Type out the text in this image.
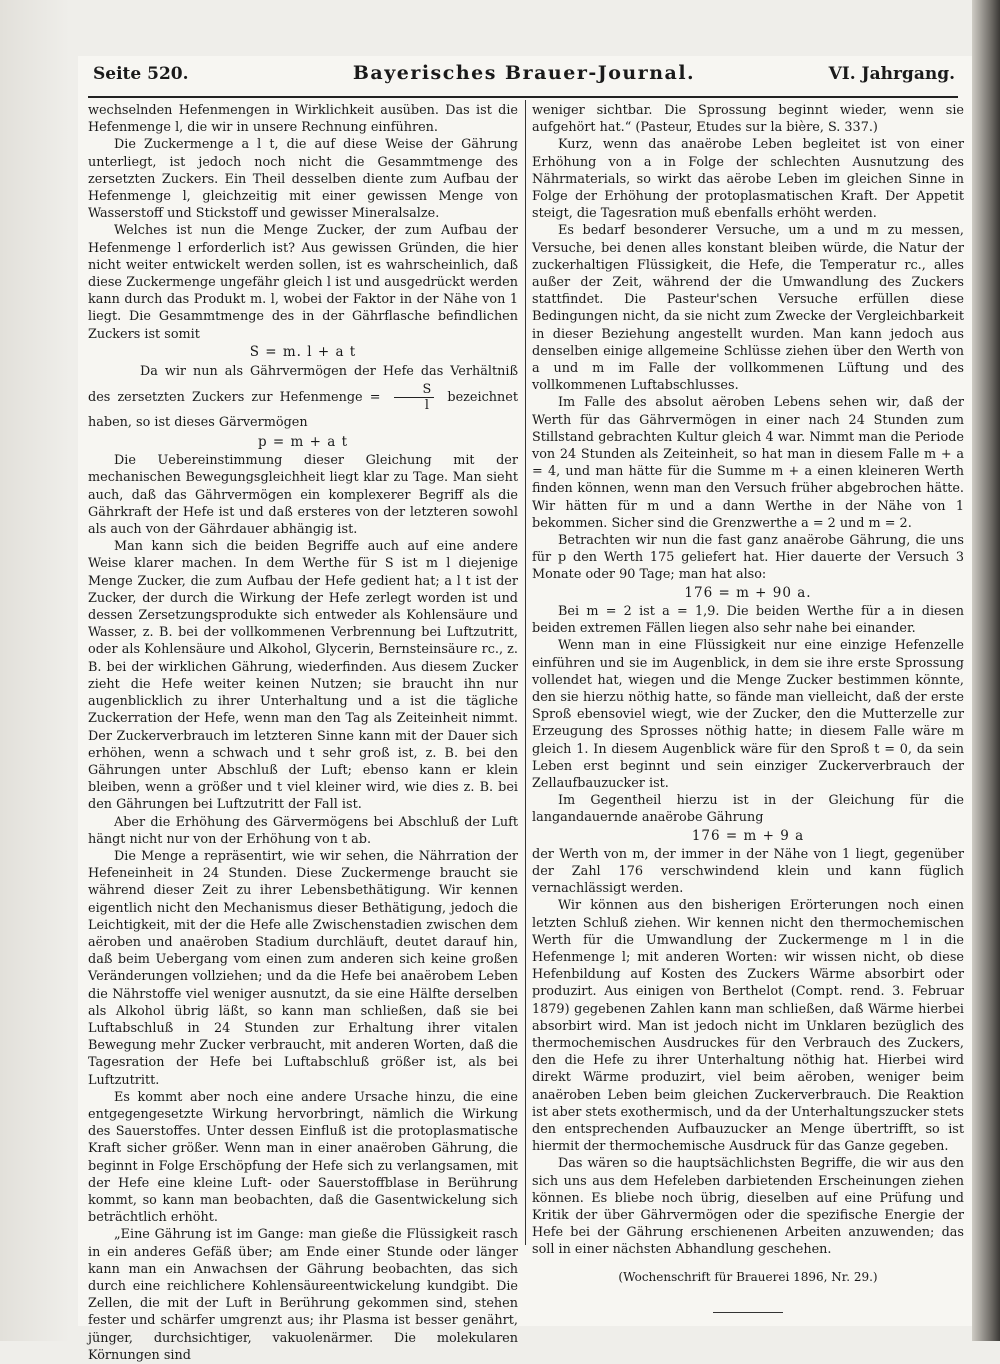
Seite 520.	Bayerisches Brauer-Journal.	VI. Jahrgang.

wechselnden Hefenmengen in Wirklichkeit ausüben. Das ist die Hefenmenge l, die wir in unsere Rechnung einführen.

Die Zuckermenge a l t, die auf diese Weise der Gährung unterliegt, ist jedoch noch nicht die Gesammtmenge des zersetzten Zuckers. Ein Theil desselben diente zum Aufbau der Hefenmenge l, gleichzeitig mit einer gewissen Menge von Wasserstoff und Stickstoff und gewisser Mineralsalze.

Welches ist nun die Menge Zucker, der zum Aufbau der Hefenmenge l erforderlich ist? Aus gewissen Gründen, die hier nicht weiter entwickelt werden sollen, ist es wahrscheinlich, daß diese Zuckermenge ungefähr gleich l ist und ausgedrückt werden kann durch das Produkt m. l, wobei der Faktor in der Nähe von 1 liegt. Die Gesammtmenge des in der Gährflasche befindlichen Zuckers ist somit

S = m. l + a t

Da wir nun als Gährvermögen der Hefe das Verhältniß des zersetzten Zuckers zur Hefenmenge = $\frac{S}{l}$ bezeichnet haben, so ist dieses Gärvermögen

p = m + a t

Die Uebereinstimmung dieser Gleichung mit der mechanischen Bewegungsgleichheit liegt klar zu Tage. Man sieht auch, daß das Gährvermögen ein komplexerer Begriff als die Gährkraft der Hefe ist und daß ersteres von der letzteren sowohl als auch von der Gährdauer abhängig ist.

Man kann sich die beiden Begriffe auch auf eine andere Weise klarer machen. In dem Werthe für S ist m l diejenige Menge Zucker, die zum Aufbau der Hefe gedient hat; a l t ist der Zucker, der durch die Wirkung der Hefe zerlegt worden ist und dessen Zersetzungsprodukte sich entweder als Kohlensäure und Wasser, z. B. bei der vollkommenen Verbrennung bei Luftzutritt, oder als Kohlensäure und Alkohol, Glycerin, Bernsteinsäure rc., z. B. bei der wirklichen Gährung, wiederfinden. Aus diesem Zucker zieht die Hefe weiter keinen Nutzen; sie braucht ihn nur augenblicklich zu ihrer Unterhaltung und a ist die tägliche Zuckerration der Hefe, wenn man den Tag als Zeiteinheit nimmt. Der Zuckerverbrauch im letzteren Sinne kann mit der Dauer sich erhöhen, wenn a schwach und t sehr groß ist, z. B. bei den Gährungen unter Abschluß der Luft; ebenso kann er klein bleiben, wenn a größer und t viel kleiner wird, wie dies z. B. bei den Gährungen bei Luftzutritt der Fall ist.

Aber die Erhöhung des Gärvermögens bei Abschluß der Luft hängt nicht nur von der Erhöhung von t ab.

Die Menge a repräsentirt, wie wir sehen, die Nährration der Hefeneinheit in 24 Stunden. Diese Zuckermenge braucht sie während dieser Zeit zu ihrer Lebensbethätigung. Wir kennen eigentlich nicht den Mechanismus dieser Bethätigung, jedoch die Leichtigkeit, mit der die Hefe alle Zwischenstadien zwischen dem aëroben und anaëroben Stadium durchläuft, deutet darauf hin, daß beim Uebergang vom einen zum anderen sich keine großen Veränderungen vollziehen; und da die Hefe bei anaërobem Leben die Nährstoffe viel weniger ausnutzt, da sie eine Hälfte derselben als Alkohol übrig läßt, so kann man schließen, daß sie bei Luftabschluß in 24 Stunden zur Erhaltung ihrer vitalen Bewegung mehr Zucker verbraucht, mit anderen Worten, daß die Tagesration der Hefe bei Luftabschluß größer ist, als bei Luftzutritt.

Es kommt aber noch eine andere Ursache hinzu, die eine entgegengesetzte Wirkung hervorbringt, nämlich die Wirkung des Sauerstoffes. Unter dessen Einfluß ist die protoplasmatische Kraft sicher größer. Wenn man in einer anaëroben Gährung, die beginnt in Folge Erschöpfung der Hefe sich zu verlangsamen, mit der Hefe eine kleine Luft- oder Sauerstoffblase in Berührung kommt, so kann man beobachten, daß die Gasentwickelung sich beträchtlich erhöht.

„Eine Gährung ist im Gange: man gieße die Flüssigkeit rasch in ein anderes Gefäß über; am Ende einer Stunde oder länger kann man ein Anwachsen der Gährung beobachten, das sich durch eine reichlichere Kohlensäureentwickelung kundgibt. Die Zellen, die mit der Luft in Berührung gekommen sind, stehen fester und schärfer umgrenzt aus; ihr Plasma ist besser genährt, jünger, durchsichtiger, vakuolenärmer. Die molekularen Körnungen sind

weniger sichtbar. Die Sprossung beginnt wieder, wenn sie aufgehört hat.“ (Pasteur, Etudes sur la bière, S. 337.)

Kurz, wenn das anaërobe Leben begleitet ist von einer Erhöhung von a in Folge der schlechten Ausnutzung des Nährmaterials, so wirkt das aërobe Leben im gleichen Sinne in Folge der Erhöhung der protoplasmatischen Kraft. Der Appetit steigt, die Tagesration muß ebenfalls erhöht werden.

Es bedarf besonderer Versuche, um a und m zu messen, Versuche, bei denen alles konstant bleiben würde, die Natur der zuckerhaltigen Flüssigkeit, die Hefe, die Temperatur rc., alles außer der Zeit, während der die Umwandlung des Zuckers stattfindet. Die Pasteur'schen Versuche erfüllen diese Bedingungen nicht, da sie nicht zum Zwecke der Vergleichbarkeit in dieser Beziehung angestellt wurden. Man kann jedoch aus denselben einige allgemeine Schlüsse ziehen über den Werth von a und m im Falle der vollkommenen Lüftung und des vollkommenen Luftabschlusses.

Im Falle des absolut aëroben Lebens sehen wir, daß der Werth für das Gährvermögen in einer nach 24 Stunden zum Stillstand gebrachten Kultur gleich 4 war. Nimmt man die Periode von 24 Stunden als Zeiteinheit, so hat man in diesem Falle m + a = 4, und man hätte für die Summe m + a einen kleineren Werth finden können, wenn man den Versuch früher abgebrochen hätte. Wir hätten für m und a dann Werthe in der Nähe von 1 bekommen. Sicher sind die Grenzwerthe a = 2 und m = 2.

Betrachten wir nun die fast ganz anaërobe Gährung, die uns für p den Werth 175 geliefert hat. Hier dauerte der Versuch 3 Monate oder 90 Tage; man hat also:

176 = m + 90 a.

Bei m = 2 ist a = 1,9. Die beiden Werthe für a in diesen beiden extremen Fällen liegen also sehr nahe bei einander.

Wenn man in eine Flüssigkeit nur eine einzige Hefenzelle einführen und sie im Augenblick, in dem sie ihre erste Sprossung vollendet hat, wiegen und die Menge Zucker bestimmen könnte, den sie hierzu nöthig hatte, so fände man vielleicht, daß der erste Sproß ebensoviel wiegt, wie der Zucker, den die Mutterzelle zur Erzeugung des Sprosses nöthig hatte; in diesem Falle wäre m gleich 1. In diesem Augenblick wäre für den Sproß t = 0, da sein Leben erst beginnt und sein einziger Zuckerverbrauch der Zellaufbauzucker ist.

Im Gegentheil hierzu ist in der Gleichung für die langandauernde anaërobe Gährung

176 = m + 9 a

der Werth von m, der immer in der Nähe von 1 liegt, gegenüber der Zahl 176 verschwindend klein und kann füglich vernachlässigt werden.

Wir können aus den bisherigen Erörterungen noch einen letzten Schluß ziehen. Wir kennen nicht den thermochemischen Werth für die Umwandlung der Zuckermenge m l in die Hefenmenge l; mit anderen Worten: wir wissen nicht, ob diese Hefenbildung auf Kosten des Zuckers Wärme absorbirt oder produzirt. Aus einigen von Berthelot (Compt. rend. 3. Februar 1879) gegebenen Zahlen kann man schließen, daß Wärme hierbei absorbirt wird. Man ist jedoch nicht im Unklaren bezüglich des thermochemischen Ausdruckes für den Verbrauch des Zuckers, den die Hefe zu ihrer Unterhaltung nöthig hat. Hierbei wird direkt Wärme produzirt, viel beim aëroben, weniger beim anaëroben Leben beim gleichen Zuckerverbrauch. Die Reaktion ist aber stets exothermisch, und da der Unterhaltungszucker stets den entsprechenden Aufbauzucker an Menge übertrifft, so ist hiermit der thermochemische Ausdruck für das Ganze gegeben.

Das wären so die hauptsächlichsten Begriffe, die wir aus den sich uns aus dem Hefeleben darbietenden Erscheinungen ziehen können. Es bliebe noch übrig, dieselben auf eine Prüfung und Kritik der über Gährvermögen oder die spezifische Energie der Hefe bei der Gährung erschienenen Arbeiten anzuwenden; das soll in einer nächsten Abhandlung geschehen.

(Wochenschrift für Brauerei 1896, Nr. 29.)
